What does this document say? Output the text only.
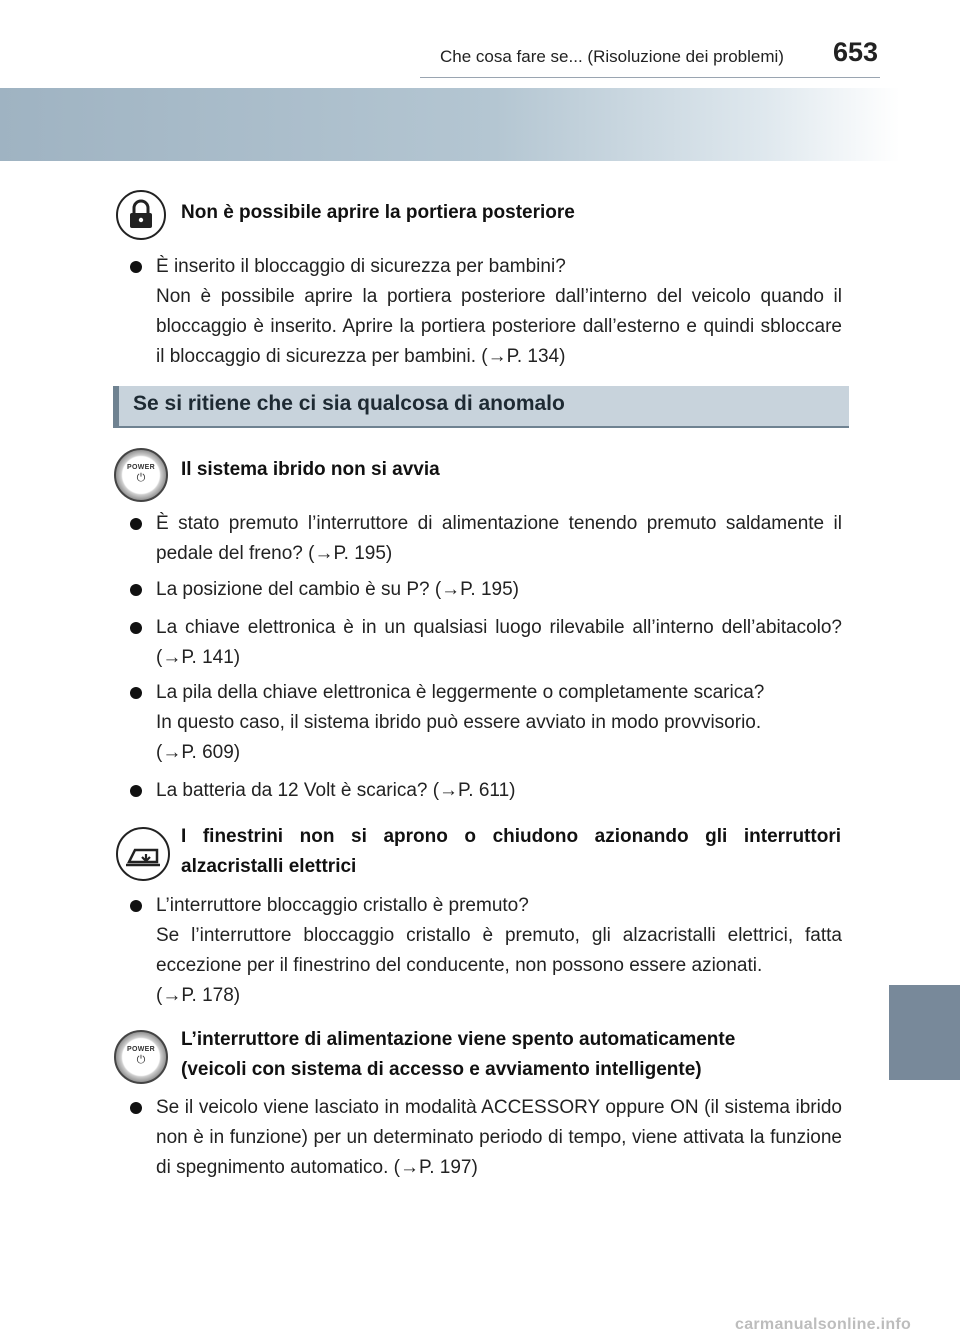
Che cosa fare se... (Risoluzione dei problemi) 653
Non è possibile aprire la portiera posteriore
È inserito il bloccaggio di sicurezza per bambini?
Non è possibile aprire la portiera posteriore dall’interno del veicolo quando il bloccaggio è inserito. Aprire la portiera posteriore dall’esterno e quindi sbloccare il bloccaggio di sicurezza per bambini. (→P. 134)
Se si ritiene che ci sia qualcosa di anomalo
POWER
⏻	Il sistema ibrido non si avvia
È stato premuto l’interruttore di alimentazione tenendo premuto saldamente il pedale del freno? (→P. 195)
La posizione del cambio è su P? (→P. 195)
La chiave elettronica è in un qualsiasi luogo rilevabile all’interno dell’abitacolo? (→P. 141)
La pila della chiave elettronica è leggermente o completamente scarica?
In questo caso, il sistema ibrido può essere avviato in modo provvisorio.
(→P. 609)
La batteria da 12 Volt è scarica? (→P. 611)
I finestrini non si aprono o chiudono azionando gli interruttori alzacristalli elettrici
L’interruttore bloccaggio cristallo è premuto?
Se l’interruttore bloccaggio cristallo è premuto, gli alzacristalli elettrici, fatta eccezione per il finestrino del conducente, non possono essere azionati.
(→P. 178)
POWER
⏻
L’interruttore di alimentazione viene spento automaticamente
(veicoli con sistema di accesso e avviamento intelligente)
Se il veicolo viene lasciato in modalità ACCESSORY oppure ON (il sistema ibrido non è in funzione) per un determinato periodo di tempo, viene attivata la funzione di spegnimento automatico. (→P. 197)
carmanualsonline.info
